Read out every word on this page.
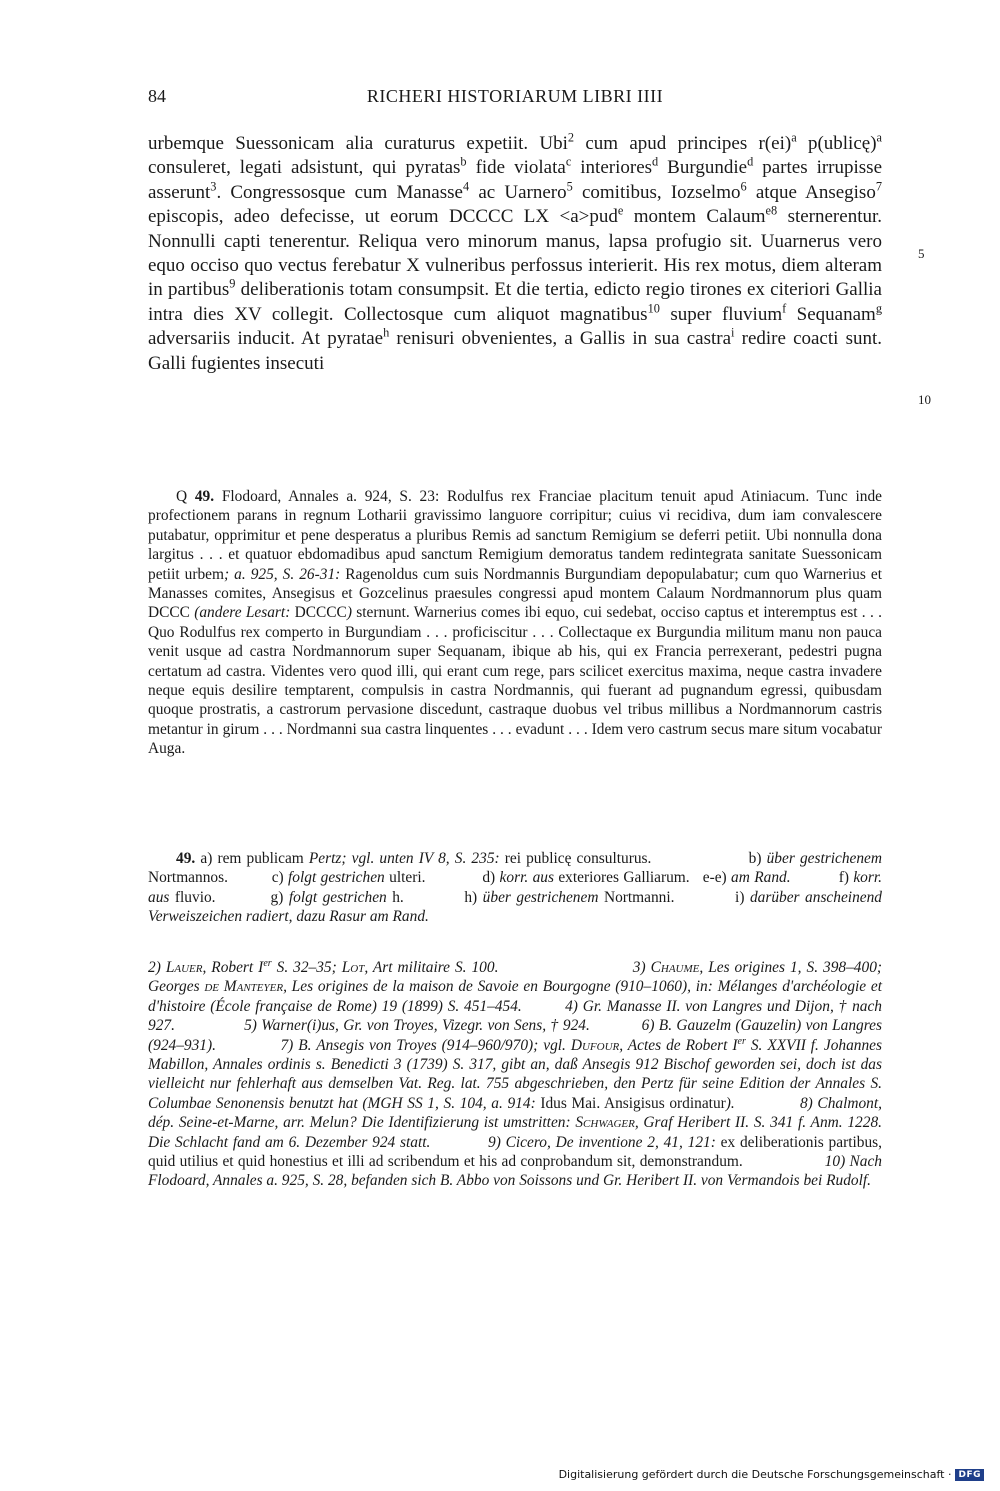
84	RICHERI HISTORIARUM LIBRI IIII
urbemque Suessonicam alia curaturus expetiit. Ubi$^2$ cum apud principes r(ei)$^a$ p(ublicę)$^a$ consuleret, legati adsistunt, qui pyratas$^b$ fide violata$^c$ interiores$^d$ Burgundie$^d$ partes irrupisse asserunt$^3$. Congressosque cum Manasse$^4$ ac Uarnero$^5$ comitibus, Iozselmo$^6$ atque Ansegiso$^7$ episcopis, adeo defecisse, ut eorum DCCCC LX <a>pud$^e$ montem Calaum$^{e8}$ sternerentur. Nonnulli capti tenerentur. Reliqua vero minorum manus, lapsa profugio sit. Uuarnerus vero equo occiso quo vectus ferebatur X vulneribus perfossus interierit. His rex motus, diem alteram in partibus$^9$ deliberationis totam consumpsit. Et die tertia, edicto regio tirones ex citeriori Gallia intra dies XV collegit. Collectosque cum aliquot magnatibus$^{10}$ super fluvium$^f$ Sequanam$^g$ adversariis inducit. At pyratae$^h$ renisuri obvenientes, a Gallis in sua castra$^i$ redire coacti sunt. Galli fugientes insecuti
5
10

Q 49. Flodoard, Annales a. 924, S. 23: Rodulfus rex Franciae placitum tenuit apud Atiniacum. Tunc inde profectionem parans in regnum Lotharii gravissimo languore corripitur; cuius vi recidiva, dum iam convalescere putabatur, opprimitur et pene desperatus a pluribus Remis ad sanctum Remigium se deferri petiit. Ubi nonnulla dona largitus . . . et quatuor ebdomadibus apud sanctum Remigium demoratus tandem redintegrata sanitate Suessonicam petiit urbem; a. 925, S. 26-31: Ragenoldus cum suis Nordmannis Burgundiam depopulabatur; cum quo Warnerius et Manasses comites, Ansegisus et Gozcelinus praesules congressi apud montem Calaum Nordmannorum plus quam DCCC (andere Lesart: DCCCC) sternunt. Warnerius comes ibi equo, cui sedebat, occiso captus et interemptus est . . . Quo Rodulfus rex comperto in Burgundiam . . . proficiscitur . . . Collectaque ex Burgundia militum manu non pauca venit usque ad castra Nordmannorum super Sequanam, ibique ab his, qui ex Francia perrexerant, pedestri pugna certatum ad castra. Videntes vero quod illi, qui erant cum rege, pars scilicet exercitus maxima, neque castra invadere neque equis desilire temptarent, compulsis in castra Nordmannis, qui fuerant ad pugnandum egressi, quibusdam quoque prostratis, a castrorum pervasione discedunt, castraque duobus vel tribus millibus a Nordmannorum castris metantur in girum . . . Nordmanni sua castra linquentes . . . evadunt . . . Idem vero castrum secus mare situm vocabatur Auga.

49. a) rem publicam Pertz; vgl. unten IV 8, S. 235: rei publicę consulturus.                   b) über gestrichenem Nortmannos.          c) folgt gestrichen ulteri.             d) korr. aus exteriores Galliarum.   e-e) am Rand.           f) korr. aus fluvio.          g) folgt gestrichen h.           h) über gestrichenem Nortmanni.           i) darüber anscheinend Verweiszeichen radiert, dazu Rasur am Rand.

2) Lauer, Robert Ier S. 32–35; Lot, Art militaire S. 100.	3) Chaume, Les origines 1, S. 398–400; Georges de Manteyer, Les origines de la maison de Savoie en Bourgogne (910–1060), in: Mélanges d'archéologie et d'histoire (École française de Rome) 19 (1899) S. 451–454.         4) Gr. Manasse II. von Langres und Dijon, † nach 927.                5) Warner(i)us, Gr. von Troyes, Vizegr. von Sens, † 924.            6) B. Gauzelm (Gauzelin) von Langres (924–931).             7) B. Ansegis von Troyes (914–960/970); vgl. Dufour, Actes de Robert Ier S. XXVII f. Johannes Mabillon, Annales ordinis s. Benedicti 3 (1739) S. 317, gibt an, daß Ansegis 912 Bischof geworden sei, doch ist das vielleicht nur fehlerhaft aus demselben Vat. Reg. lat. 755 abgeschrieben, den Pertz für seine Edition der Annales S. Columbae Senonensis benutzt hat (MGH SS 1, S. 104, a. 914: Idus Mai. Ansigisus ordinatur).	8) Chalmont, dép. Seine-et-Marne, arr. Melun? Die Identifizierung ist umstritten: Schwager, Graf Heribert II. S. 341 f. Anm. 1228. Die Schlacht fand am 6. Dezember 924 statt.	9) Cicero, De inventione 2, 41, 121: ex deliberationis partibus, quid utilius et quid honestius et illi ad scribendum et his ad conprobandum sit, demonstrandum.                   10) Nach Flodoard, Annales a. 925, S. 28, befanden sich B. Abbo von Soissons und Gr. Heribert II. von Vermandois bei Rudolf.

Digitalisierung gefördert durch die Deutsche Forschungsgemeinschaft · DFG
